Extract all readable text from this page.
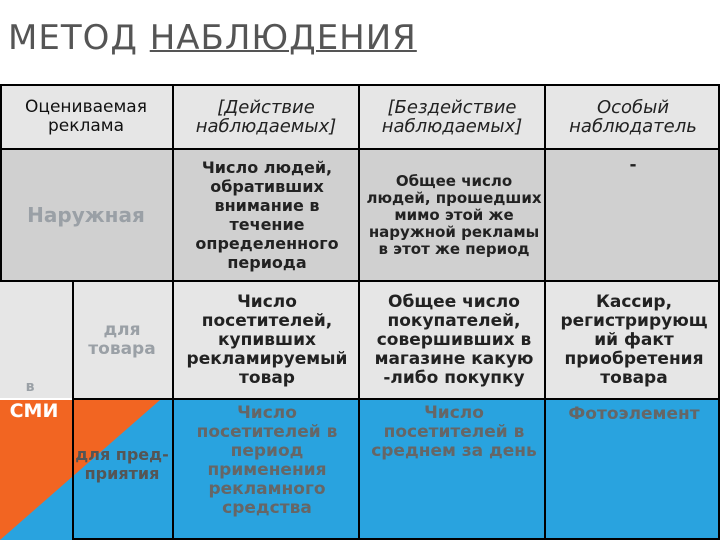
МЕТОД НАБЛЮДЕНИЯ
Оцениваемая реклама
[Действие наблюдаемых]
[Бездействие наблюдаемых]
Особый наблюдатель
Наружная
Число людей, обративших внимание в течение определенного периода
Общее число людей, прошедших мимо этой же наружной рекламы в этот же период
-
для товара
Число посетителей, купивших рекламируемый товар
Общее число покупателей, совершивших в магазине какую -либо покупку
Кассир, регистрирующ ий факт приобретения товара
в
СМИ
для пред- приятия
Число посетителей в период применения рекламного средства
Число посетителей в среднем за день
Фотоэлемент
